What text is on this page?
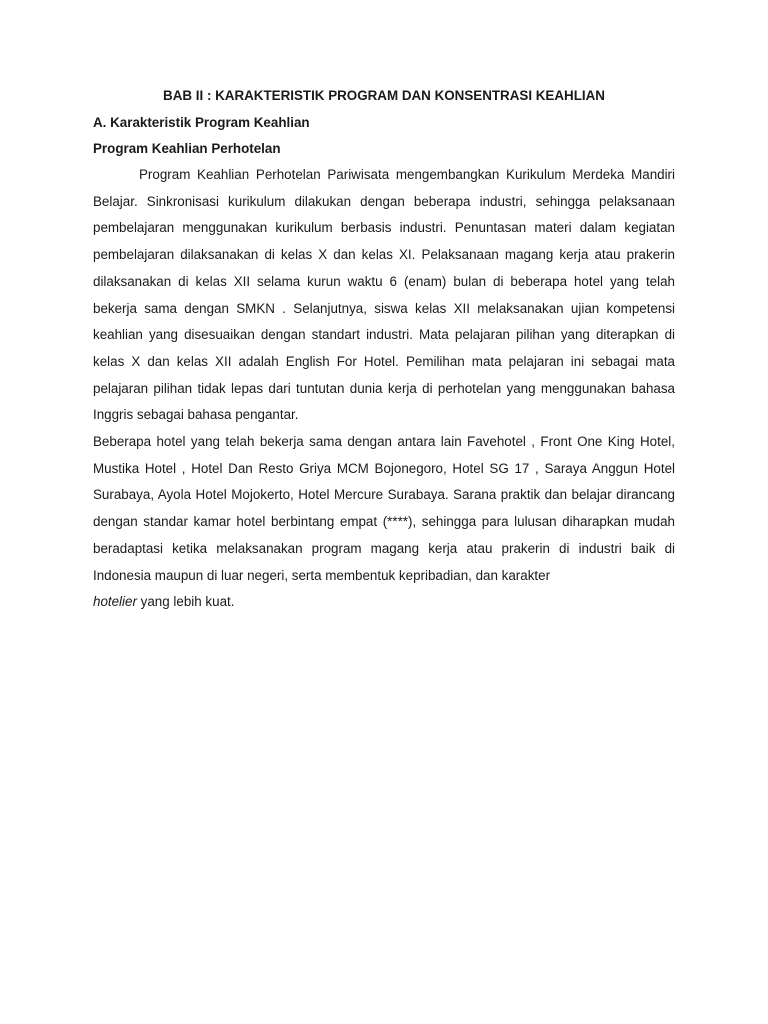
BAB II : KARAKTERISTIK PROGRAM DAN KONSENTRASI KEAHLIAN
A. Karakteristik Program Keahlian
Program Keahlian Perhotelan

Program Keahlian Perhotelan Pariwisata mengembangkan Kurikulum Merdeka Mandiri Belajar. Sinkronisasi kurikulum dilakukan dengan beberapa industri, sehingga pelaksanaan pembelajaran menggunakan kurikulum berbasis industri. Penuntasan materi dalam kegiatan pembelajaran dilaksanakan di kelas X dan kelas XI. Pelaksanaan magang kerja atau prakerin dilaksanakan di kelas XII selama kurun waktu 6 (enam) bulan di beberapa hotel yang telah bekerja sama dengan SMKN . Selanjutnya, siswa kelas XII melaksanakan ujian kompetensi keahlian yang disesuaikan dengan standart industri. Mata pelajaran pilihan yang diterapkan di kelas X dan kelas XII adalah English For Hotel. Pemilihan mata pelajaran ini sebagai mata pelajaran pilihan tidak lepas dari tuntutan dunia kerja di perhotelan yang menggunakan bahasa Inggris sebagai bahasa pengantar.

Beberapa hotel yang telah bekerja sama dengan antara lain Favehotel , Front One King Hotel, Mustika Hotel , Hotel Dan Resto Griya MCM Bojonegoro, Hotel SG 17 , Saraya Anggun Hotel Surabaya, Ayola Hotel Mojokerto, Hotel Mercure Surabaya. Sarana praktik dan belajar dirancang dengan standar kamar hotel berbintang empat (****), sehingga para lulusan diharapkan mudah beradaptasi ketika melaksanakan program magang kerja atau prakerin di industri baik di Indonesia maupun di luar negeri, serta membentuk kepribadian, dan karakter
hotelier yang lebih kuat.
